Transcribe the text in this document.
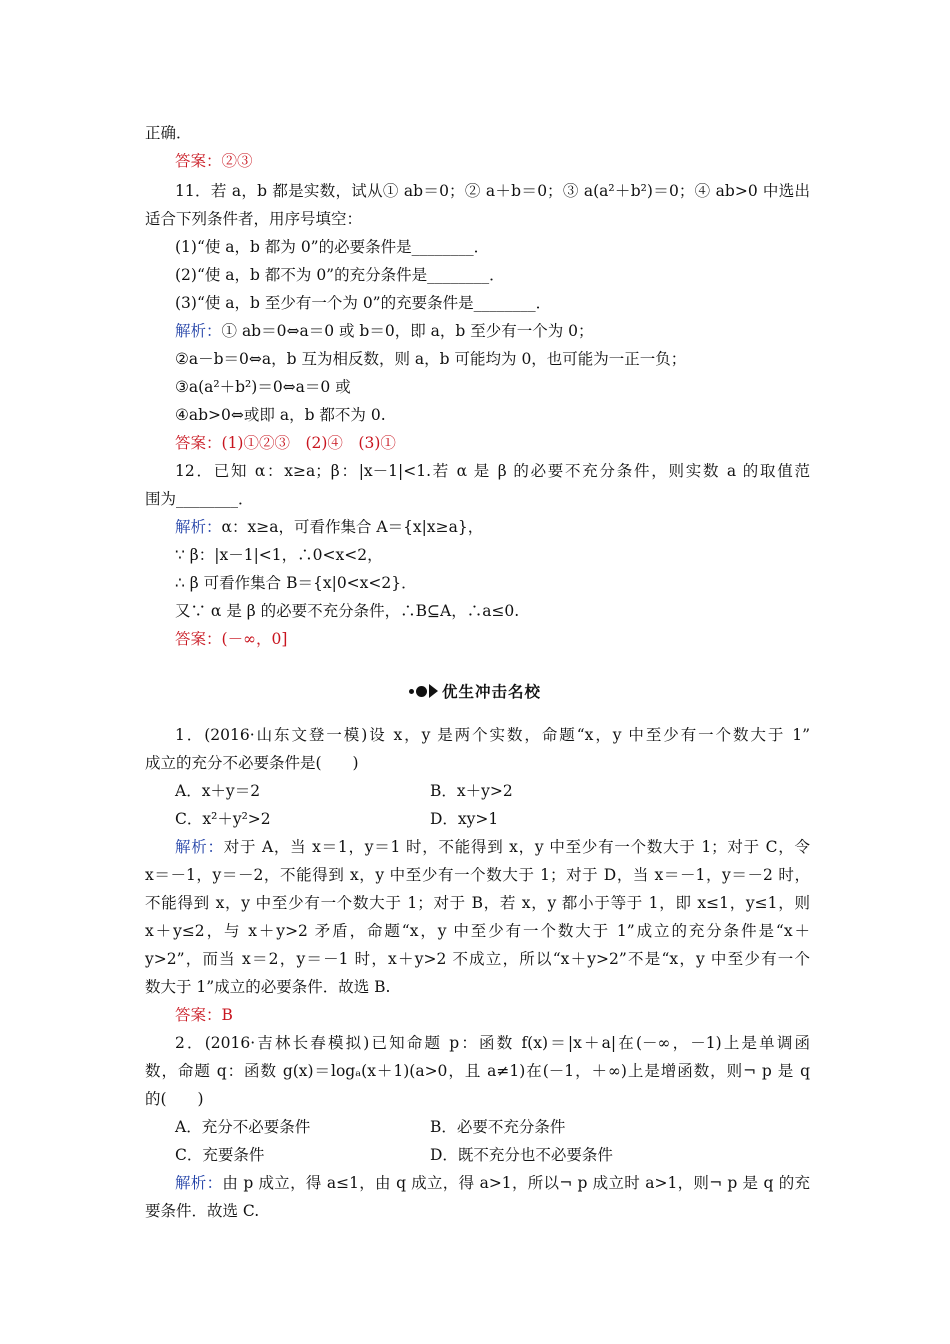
正确．
答案：②③
11．若 a，b 都是实数，试从① ab＝0；② a＋b＝0；③ a(a²＋b²)＝0；④ ab>0 中选出
适合下列条件者，用序号填空：
(1)“使 a，b 都为 0”的必要条件是________．
(2)“使 a，b 都不为 0”的充分条件是________．
(3)“使 a，b 至少有一个为 0”的充要条件是________．
解析：① ab＝0⇔a＝0 或 b＝0，即 a，b 至少有一个为 0；
②a－b＝0⇔a，b 互为相反数，则 a，b 可能均为 0，也可能为一正一负；
③a(a²＋b²)＝0⇔a＝0 或
④ab>0⇔或即 a，b 都不为 0.
答案：(1)①②③　(2)④　(3)①
12．已知 α：x≥a；β：|x－1|<1.若 α 是 β 的必要不充分条件，则实数 a 的取值范
围为________．
解析：α：x≥a，可看作集合 A＝{x|x≥a}，
∵ β：|x－1|<1，∴0<x<2，
∴ β 可看作集合 B＝{x|0<x<2}．
又∵ α 是 β 的必要不充分条件，∴B⊆A，∴a≤0.
答案：(－∞，0]
优生冲击名校
1．(2016·山东文登一模)设 x，y 是两个实数，命题“x，y 中至少有一个数大于 1”
成立的充分不必要条件是(　　)
A．x＋y＝2	B．x＋y>2
C．x²＋y²>2	D．xy>1
解析：对于 A，当 x＝1，y＝1 时，不能得到 x，y 中至少有一个数大于 1；对于 C，令
x＝－1，y＝－2，不能得到 x，y 中至少有一个数大于 1；对于 D，当 x＝－1，y＝－2 时，
不能得到 x，y 中至少有一个数大于 1；对于 B，若 x，y 都小于等于 1，即 x≤1，y≤1，则
x＋y≤2，与 x＋y>2 矛盾，命题“x，y 中至少有一个数大于 1”成立的充分条件是“x＋
y>2”，而当 x＝2，y＝－1 时，x＋y>2 不成立，所以“x＋y>2”不是“x，y 中至少有一个
数大于 1”成立的必要条件．故选 B.
答案：B
2．(2016·吉林长春模拟)已知命题 p：函数 f(x)＝|x＋a|在(－∞，－1)上是单调函
数，命题 q：函数 g(x)＝logₐ(x＋1)(a>0，且 a≠1)在(－1，＋∞)上是增函数，则¬ p 是 q
的(　　)
A．充分不必要条件	B．必要不充分条件
C．充要条件	D．既不充分也不必要条件
解析：由 p 成立，得 a≤1，由 q 成立，得 a>1，所以¬ p 成立时 a>1，则¬ p 是 q 的充
要条件．故选 C.
